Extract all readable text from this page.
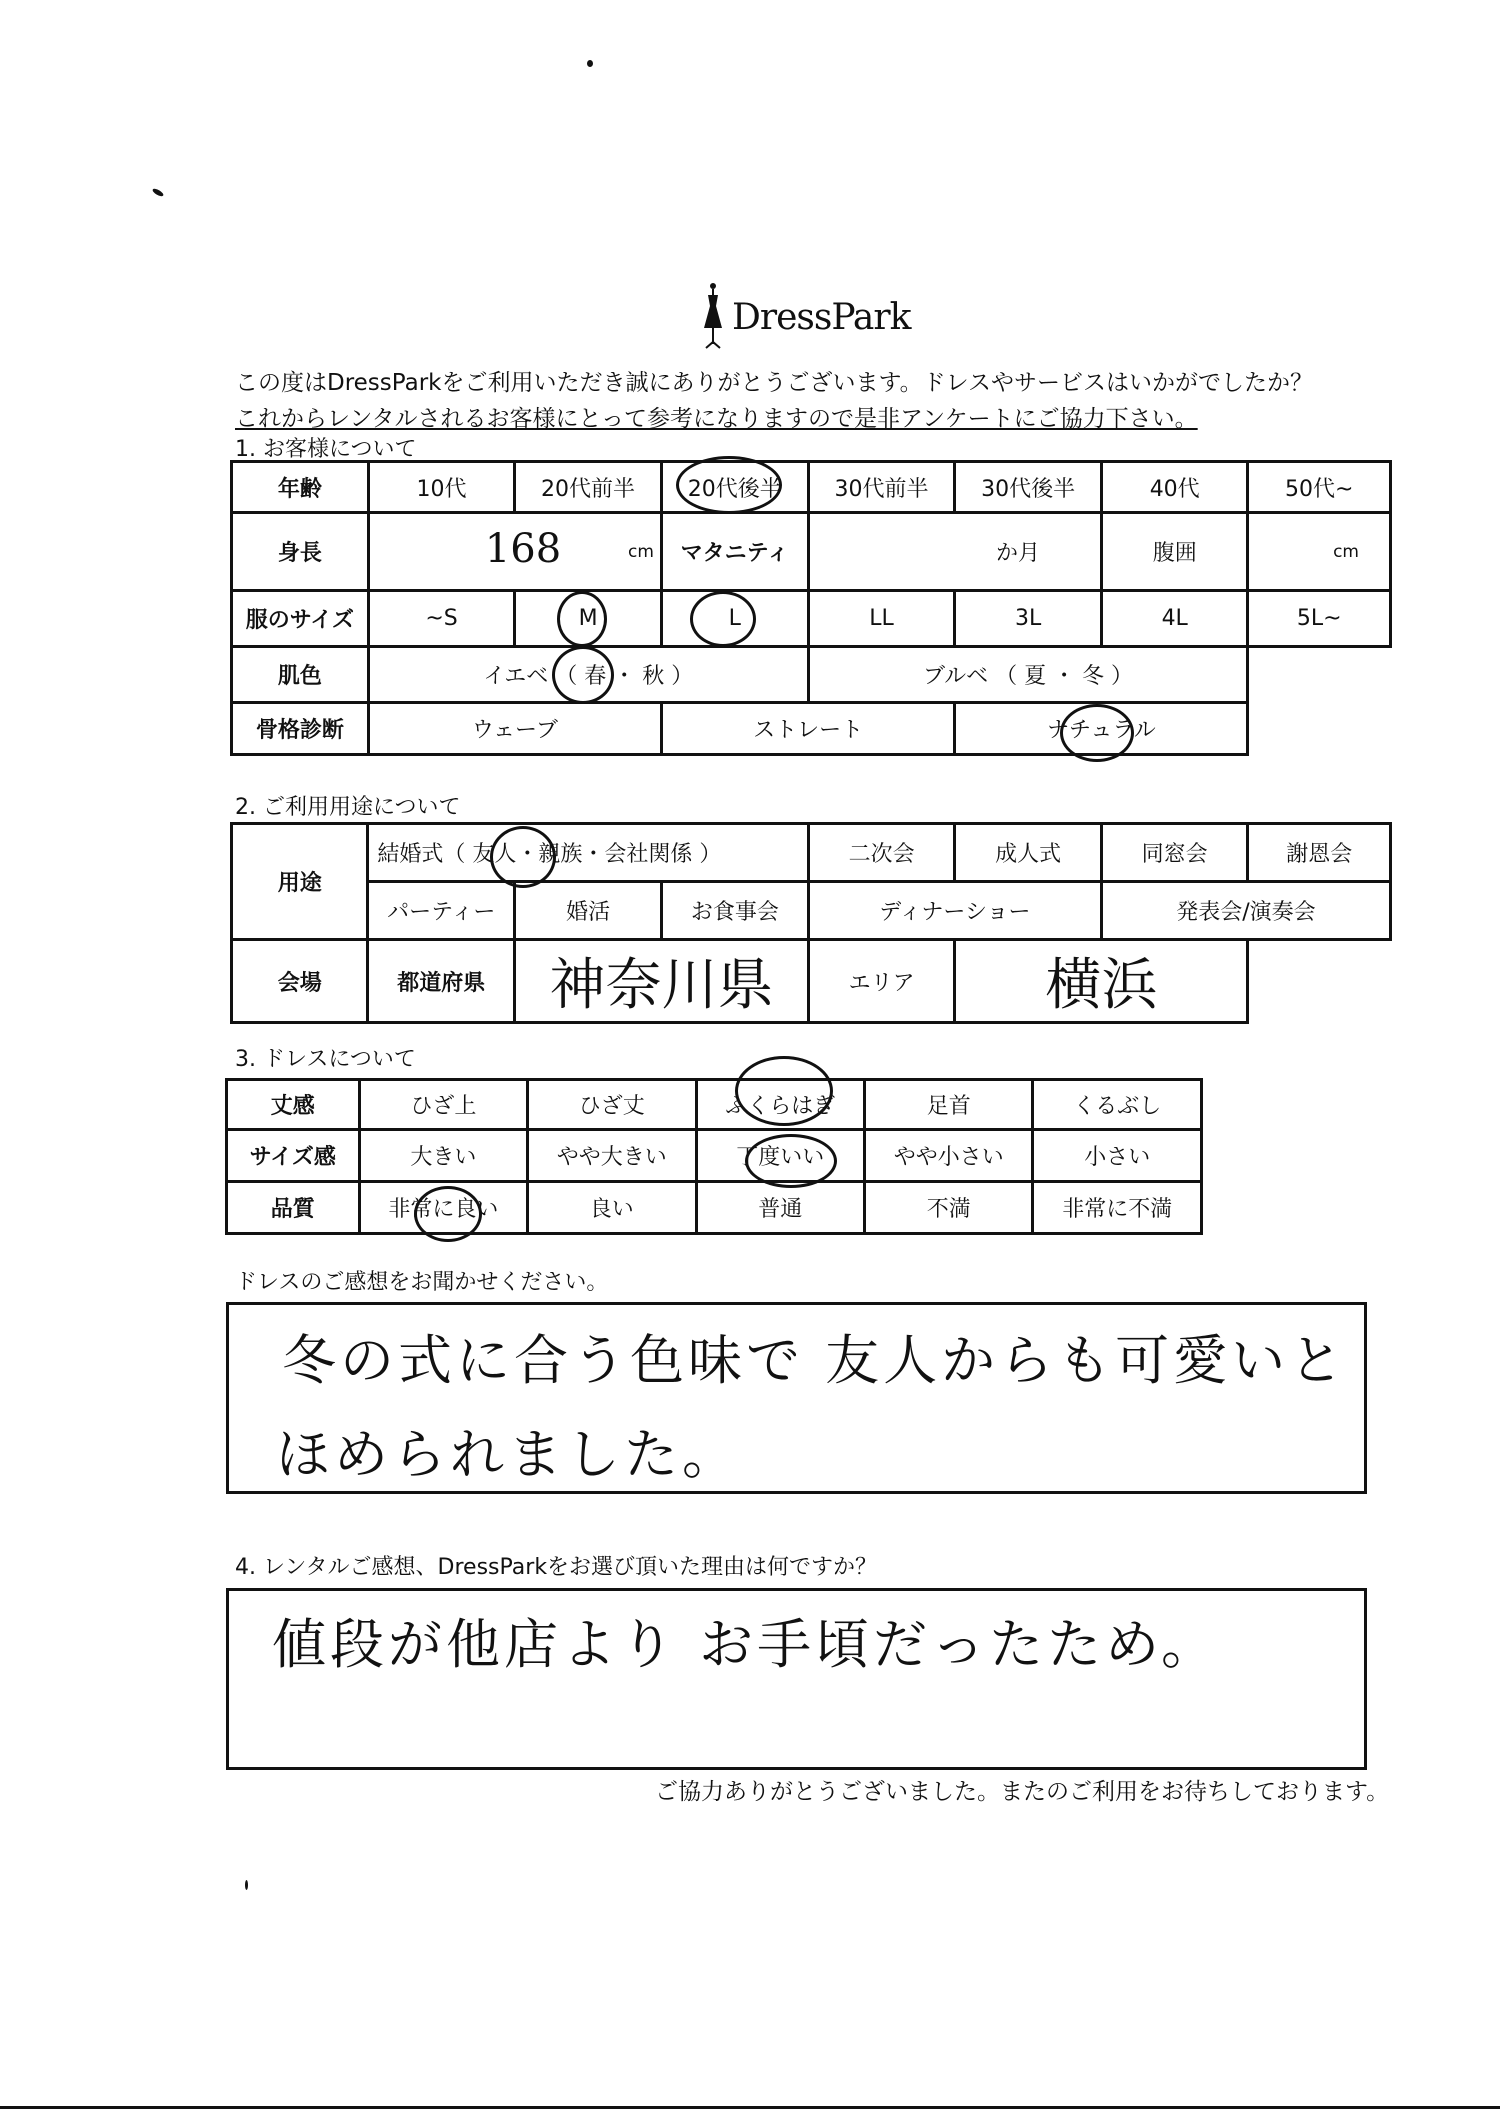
DressPark
この度はDressParkをご利用いただき誠にありがとうございます。ドレスやサービスはいかがでしたか？
これからレンタルされるお客様にとって参考になりますので是非アンケートにご協力下さい。
1. お客様について
年齢	10代	20代前半	20代後半	30代前半	30代後半	40代	50代~
身長	168 cm		マタニティ	か月		腹囲	cm
服のサイズ	~S	M	L	LL	3L	4L	5L~
肌色	イエベ （ 春 ・ 秋 ）			ブルベ （ 夏 ・ 冬 ）			
骨格診断	ウェーブ		ストレート		ナチュラル		
2. ご利用用途について
用途	結婚式（ 友人・親族・会社関係 ）			二次会	成人式	同窓会	謝恩会
	パーティー	婚活	お食事会	ディナーショー		発表会/演奏会	
会場	都道府県	神奈川県		エリア	横浜		
3. ドレスについて
丈感	ひざ上	ひざ丈	ふくらはぎ	足首	くるぶし
サイズ感	大きい	やや大きい	丁度いい	やや小さい	小さい
品質	非常に良い	良い	普通	不満	非常に不満
ドレスのご感想をお聞かせください。
冬の式に合う色味で 友人からも可愛いと
ほめられました。
4. レンタルご感想、DressParkをお選び頂いた理由は何ですか？
値段が他店より お手頃だったため。
ご協力ありがとうございました。またのご利用をお待ちしております。
